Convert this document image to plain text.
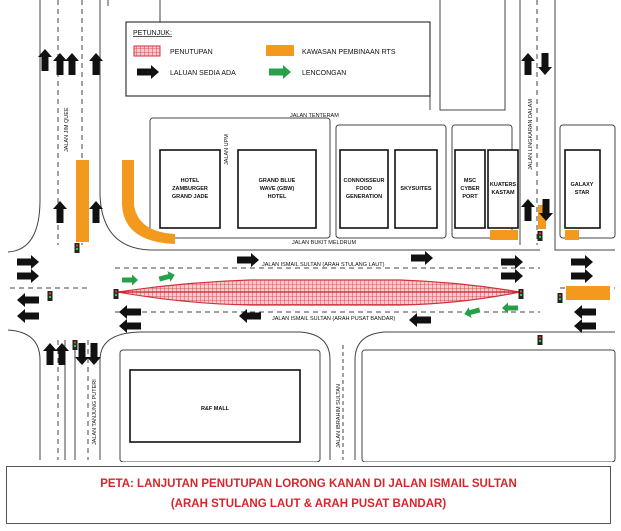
HOTEL ZAMBURGER GRAND JADE
GRAND BLUE WAVE (GBW) HOTEL
CONNOISSEUR FOOD GENERATION
SKYSUITES
MSC CYBER PORT
KUATERS KASTAM
GALAXY STAR
R&F MALL
JALAN TENTERAM
JALAN UPM
JALAN JIM QUEE	JALAN LINGKARAN DALAM
JALAN BUKIT MELDRUM
JALAN ISMAIL SULTAN (ARAH STULANG LAUT)
JALAN ISMAIL SULTAN (ARAH PUSAT BANDAR)
JALAN TANJUNG PUTERI	JALAN IBRAHIM SULTAN
PETUNJUK:
PENUTUPAN	KAWASAN PEMBINAAN RTS
LALUAN SEDIA ADA	LENCONGAN
PETA: LANJUTAN PENUTUPAN LORONG KANAN DI JALAN ISMAIL SULTAN
(ARAH STULANG LAUT & ARAH PUSAT BANDAR)
